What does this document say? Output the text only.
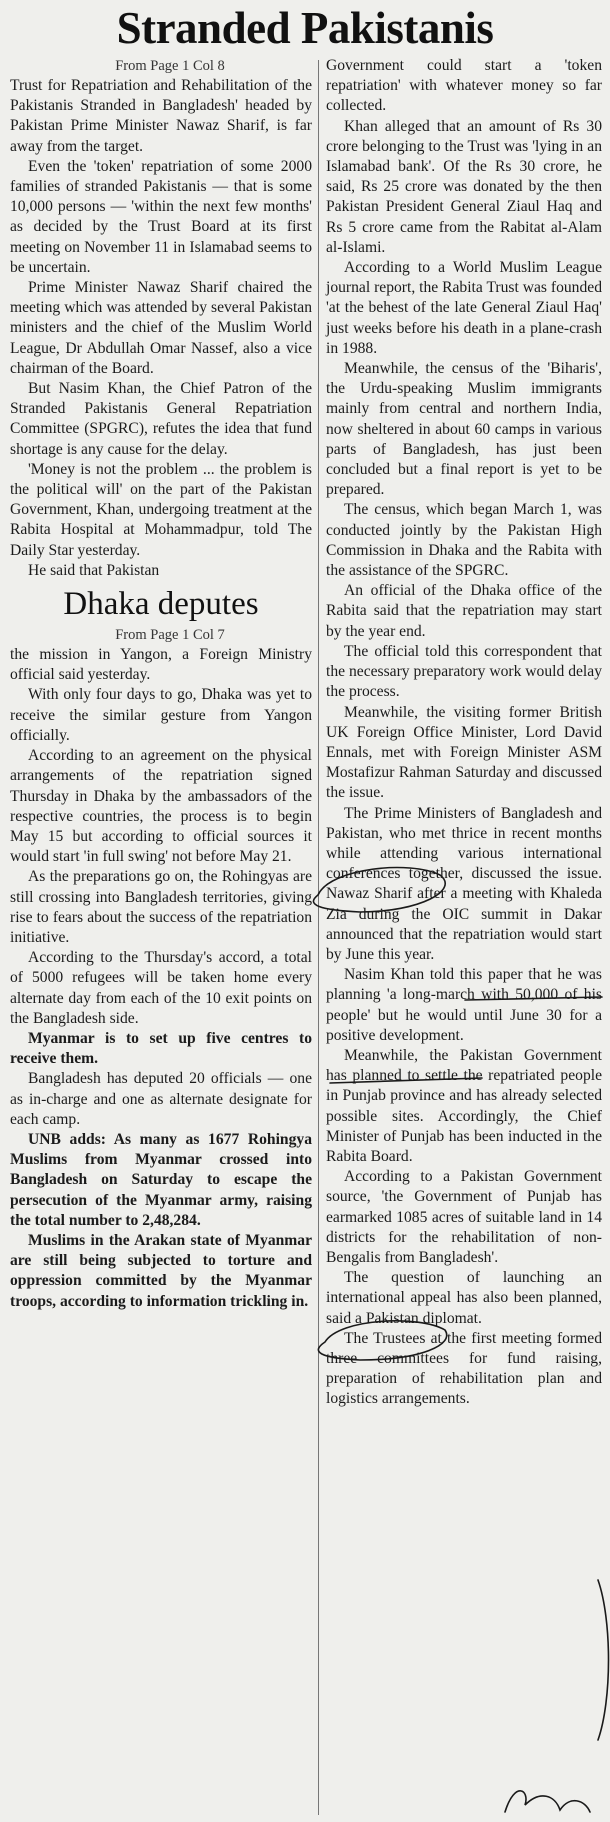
Stranded Pakistanis

From Page 1 Col 8

Trust for Repatriation and Rehabilitation of the Pakistanis Stranded in Bangladesh' headed by Pakistan Prime Minister Nawaz Sharif, is far away from the target.

Even the 'token' repatriation of some 2000 families of stranded Pakistanis — that is some 10,000 persons — 'within the next few months' as decided by the Trust Board at its first meeting on November 11 in Islamabad seems to be uncertain.

Prime Minister Nawaz Sharif chaired the meeting which was attended by several Pakistan ministers and the chief of the Muslim World League, Dr Abdullah Omar Nassef, also a vice chairman of the Board.

But Nasim Khan, the Chief Patron of the Stranded Pakistanis General Repatriation Committee (SPGRC), refutes the idea that fund shortage is any cause for the delay.

'Money is not the problem ... the problem is the political will' on the part of the Pakistan Government, Khan, undergoing treatment at the Rabita Hospital at Mohammadpur, told The Daily Star yesterday.

He said that Pakistan

Dhaka deputes

From Page 1 Col 7

the mission in Yangon, a Foreign Ministry official said yesterday.

With only four days to go, Dhaka was yet to receive the similar gesture from Yangon officially.

According to an agreement on the physical arrangements of the repatriation signed Thursday in Dhaka by the ambassadors of the respective countries, the process is to begin May 15 but according to official sources it would start 'in full swing' not before May 21.

As the preparations go on, the Rohingyas are still crossing into Bangladesh territories, giving rise to fears about the success of the repatriation initiative.

According to the Thursday's accord, a total of 5000 refugees will be taken home every alternate day from each of the 10 exit points on the Bangladesh side.

Myanmar is to set up five centres to receive them.

Bangladesh has deputed 20 officials — one as in-charge and one as alternate designate for each camp.

UNB adds: As many as 1677 Rohingya Muslims from Myanmar crossed into Bangladesh on Saturday to escape the persecution of the Myanmar army, raising the total number to 2,48,284.

Muslims in the Arakan state of Myanmar are still being subjected to torture and oppression committed by the Myanmar troops, according to information trickling in.

Government could start a 'token repatriation' with whatever money so far collected.

Khan alleged that an amount of Rs 30 crore belonging to the Trust was 'lying in an Islamabad bank'. Of the Rs 30 crore, he said, Rs 25 crore was donated by the then Pakistan President General Ziaul Haq and Rs 5 crore came from the Rabitat al-Alam al-Islami.

According to a World Muslim League journal report, the Rabita Trust was founded 'at the behest of the late General Ziaul Haq' just weeks before his death in a plane-crash in 1988.

Meanwhile, the census of the 'Biharis', the Urdu-speaking Muslim immigrants mainly from central and northern India, now sheltered in about 60 camps in various parts of Bangladesh, has just been concluded but a final report is yet to be prepared.

The census, which began March 1, was conducted jointly by the Pakistan High Commission in Dhaka and the Rabita with the assistance of the SPGRC.

An official of the Dhaka office of the Rabita said that the repatriation may start by the year end.

The official told this correspondent that the necessary preparatory work would delay the process.

Meanwhile, the visiting former British UK Foreign Office Minister, Lord David Ennals, met with Foreign Minister ASM Mostafizur Rahman Saturday and discussed the issue.

The Prime Ministers of Bangladesh and Pakistan, who met thrice in recent months while attending various international conferences together, discussed the issue. Nawaz Sharif after a meeting with Khaleda Zia during the OIC summit in Dakar announced that the repatriation would start by June this year.

Nasim Khan told this paper that he was planning 'a long-march with 50,000 of his people' but he would until June 30 for a positive development.

Meanwhile, the Pakistan Government has planned to settle the repatriated people in Punjab province and has already selected possible sites. Accordingly, the Chief Minister of Punjab has been inducted in the Rabita Board.

According to a Pakistan Government source, 'the Government of Punjab has earmarked 1085 acres of suitable land in 14 districts for the rehabilitation of non-Bengalis from Bangladesh'.

The question of launching an international appeal has also been planned, said a Pakistan diplomat.

The Trustees at the first meeting formed three committees for fund raising, preparation of rehabilitation plan and logistics arrangements.
